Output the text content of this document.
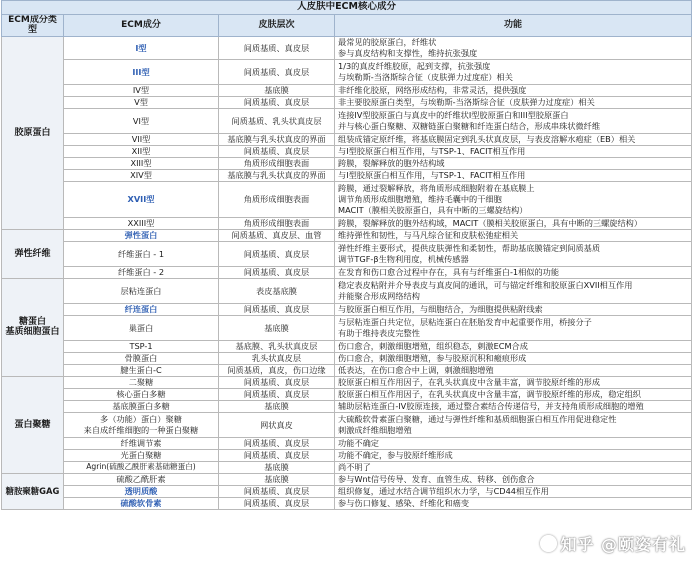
人皮肤中ECM核心成分			
ECM成分类型	ECM成分	皮肤层次	功能
胶原蛋白	I型	间质基质、真皮层	最常见的胶原蛋白，纤维状
参与真皮结构和支撑性，维持抗张强度
	III型	间质基质、真皮层	1/3的真皮纤维胶原，起到支撑，抗张强度
与埃勒斯-当洛斯综合征（皮肤弹力过度症）相关
	IV型	基底膜	非纤维化胶原，网络形成结构，非常灵活，提供强度
	V型	间质基质、真皮层	非主要胶原蛋白类型，与埃勒斯-当洛斯综合征（皮肤弹力过度症）相关
	VI型	间质基质、乳头状真皮层	连接IV型胶原蛋白与真皮中的纤维状I型胶原蛋白和III型胶原蛋白
并与核心蛋白聚糖、双糖链蛋白聚糖和纤连蛋白结合，形成串珠状微纤维
	VII型	基底膜与乳头状真皮的界面	组装成锚定原纤维，将基底膜固定到乳头状真皮层，与表皮溶解水疱症（EB）相关
	XII型	间质基质、真皮层	与I型胶原蛋白相互作用，与TSP-1、FACIT相互作用
	XIII型	角质形成细胞表面	跨膜，裂解释放的胞外结构域
	XIV型	基底膜与乳头状真皮的界面	与I型胶原蛋白相互作用，与TSP-1、FACIT相互作用
	XVII型	角质形成细胞表面	跨膜，通过裂解释放，将角质形成细胞附着在基底膜上
调节角质形成细胞增殖，维持毛囊中的干细胞
MACIT（膜相关胶原蛋白，具有中断的三螺旋结构）
	XXIII型	角质形成细胞表面	跨膜，裂解释放的胞外结构域，MACIT（膜相关胶原蛋白，具有中断的三螺旋结构）
弹性纤维	弹性蛋白	间质基质、真皮层、血管	维持弹性和韧性，与马凡综合征和皮肤松弛症相关
	纤维蛋白 - 1	间质基质、真皮层	弹性纤维主要形式，提供皮肤弹性和柔韧性，帮助基底膜锚定到间质基质
调节TGF-β生物利用度，机械传感器
	纤维蛋白 - 2	间质基质、真皮层	在发育和伤口愈合过程中存在，具有与纤维蛋白-1相似的功能
糖蛋白
基质细胞蛋白	层粘连蛋白	表皮基底膜	稳定表皮粘附并介导表皮与真皮间的通讯，可与锚定纤维和胶原蛋白XVII相互作用
并能聚合形成网络结构
	纤连蛋白	间质基质、真皮层	与胶原蛋白相互作用，与细胞结合，为细胞提供粘附线索
	巢蛋白	基底膜	与层粘连蛋白共定位，层粘连蛋白在胚胎发育中起重要作用，桥接分子
有助于维持表皮完整性
	TSP-1	基底膜、乳头状真皮层	伤口愈合，刺激细胞增殖，组织稳态，刺激ECM合成
	骨膜蛋白	乳头状真皮层	伤口愈合，刺激细胞增殖，参与胶原沉积和瘢痕形成
	腱生蛋白-C	间质基质，真皮，伤口边缘	低表达，在伤口愈合中上调，刺激细胞增殖
蛋白聚糖	二聚糖	间质基质、真皮层	胶原蛋白相互作用因子，在乳头状真皮中含量丰富，调节胶原纤维的形成
	核心蛋白多糖	间质基质、真皮层	胶原蛋白相互作用因子，在乳头状真皮中含量丰富，调节胶原纤维的形成，稳定组织
	基底膜蛋白多糖	基底膜	辅助层粘连蛋白-IV胶原连接，通过整合素结合传递信号，并支持角质形成细胞的增殖
	多（功能）蛋白）聚糖
来自成纤维细胞的一种蛋白聚糖	网状真皮	大硫酸软骨素蛋白聚糖，通过与弹性纤维和基质细胞蛋白相互作用促进稳定性
刺激成纤维细胞增殖
	纤维调节素	间质基质、真皮层	功能不确定
	光蛋白聚糖	间质基质、真皮层	功能不确定，参与胶原纤维形成
	Agrin(硫酸乙酰肝素基础糖蛋白)	基底膜	尚不明了
糖胺聚糖GAG	硫酸乙酰肝素	基底膜	参与Wnt信号传导、发育、血管生成、转移、创伤愈合
	透明质酸	间质基质、真皮层	组织修复，通过水结合调节组织水力学，与CD44相互作用
	硫酸软骨素	间质基质、真皮层	参与伤口修复、感染、纤维化和癌变
知乎 @颐姿有礼
